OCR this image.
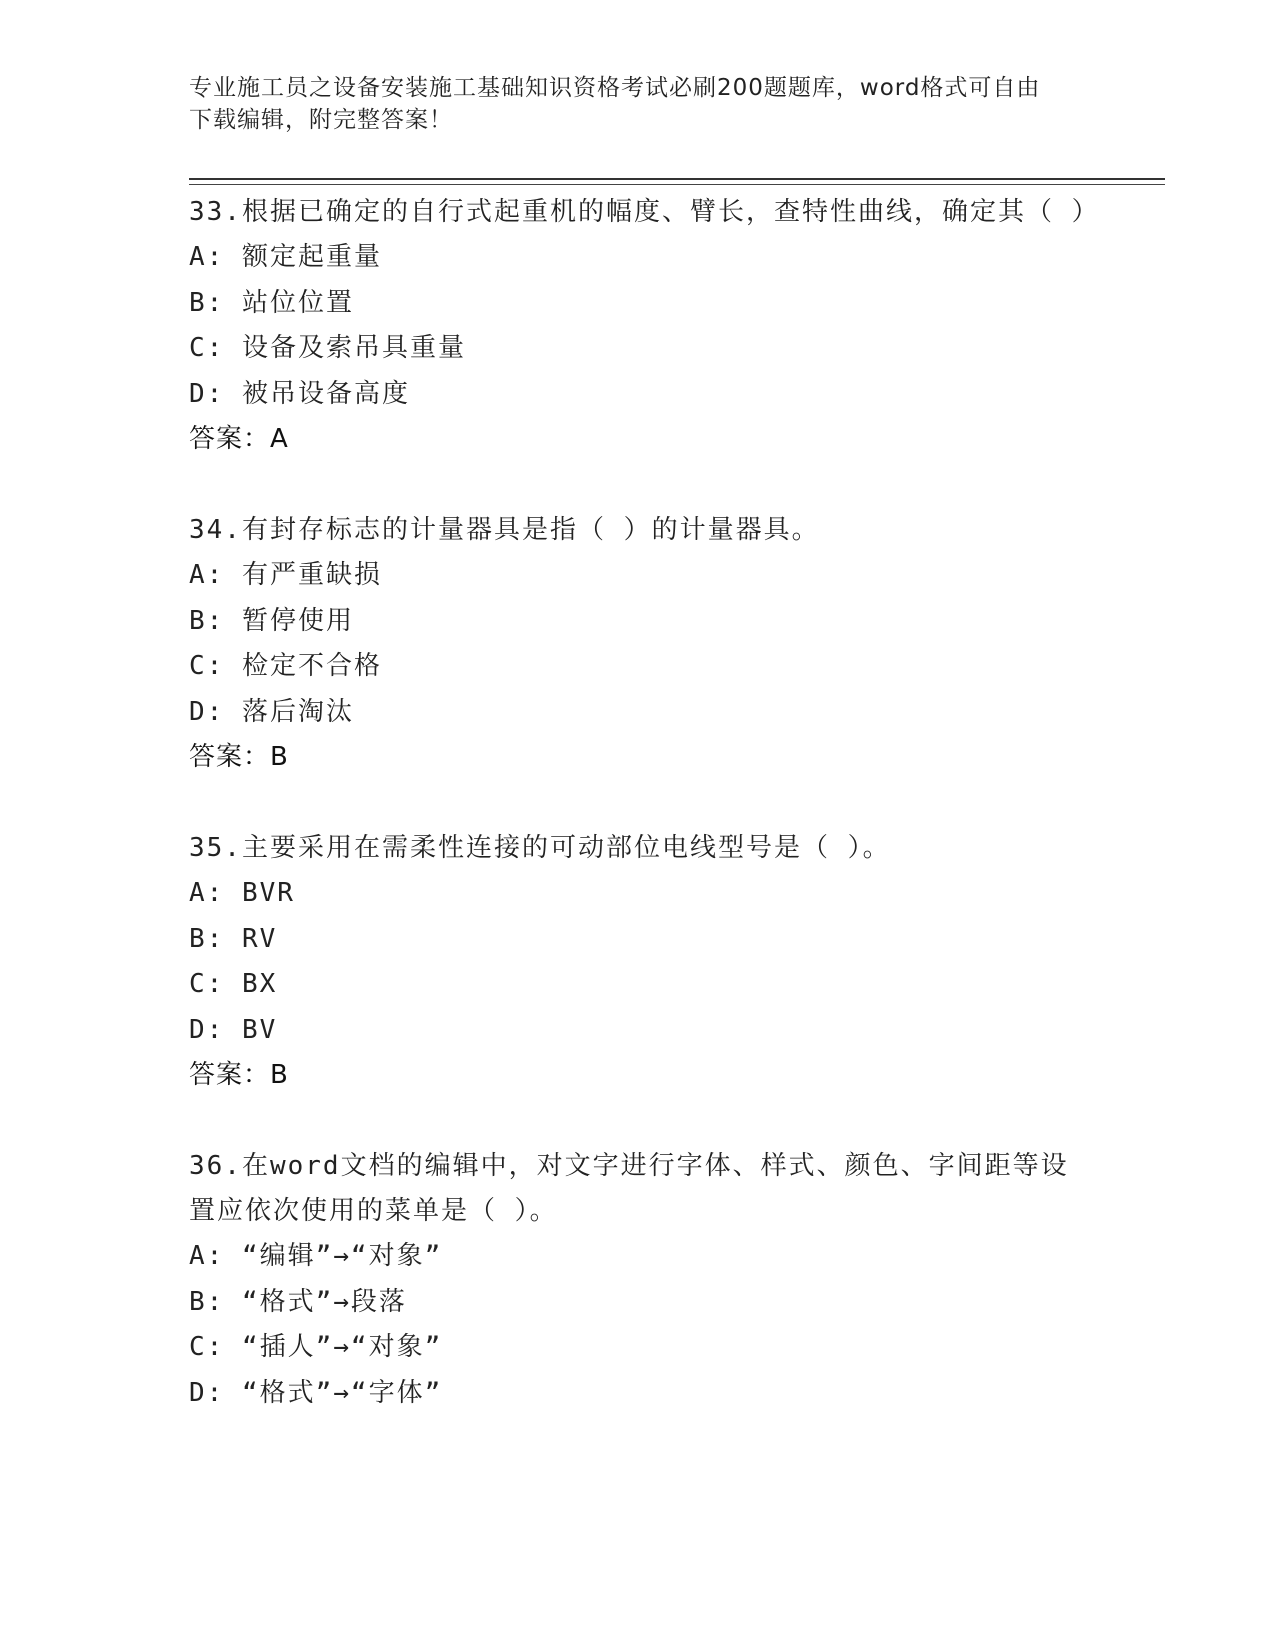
专业施工员之设备安装施工基础知识资格考试必刷200题题库，word格式可自由
下载编辑，附完整答案！

33.根据已确定的自行式起重机的幅度、臂长，查特性曲线，确定其（ ）

A: 额定起重量

B: 站位位置

C: 设备及索吊具重量

D: 被吊设备高度

答案：A

34.有封存标志的计量器具是指（ ）的计量器具。

A: 有严重缺损

B: 暂停使用

C: 检定不合格

D: 落后淘汰

答案：B

35.主要采用在需柔性连接的可动部位电线型号是（ ）。

A: BVR

B: RV

C: BX

D: BV

答案：B

36.在word文档的编辑中，对文字进行字体、样式、颜色、字间距等设置应依次使用的菜单是（ ）。

A: “编辑”→“对象”

B: “格式”→段落

C: “插人”→“对象”

D: “格式”→“字体”
